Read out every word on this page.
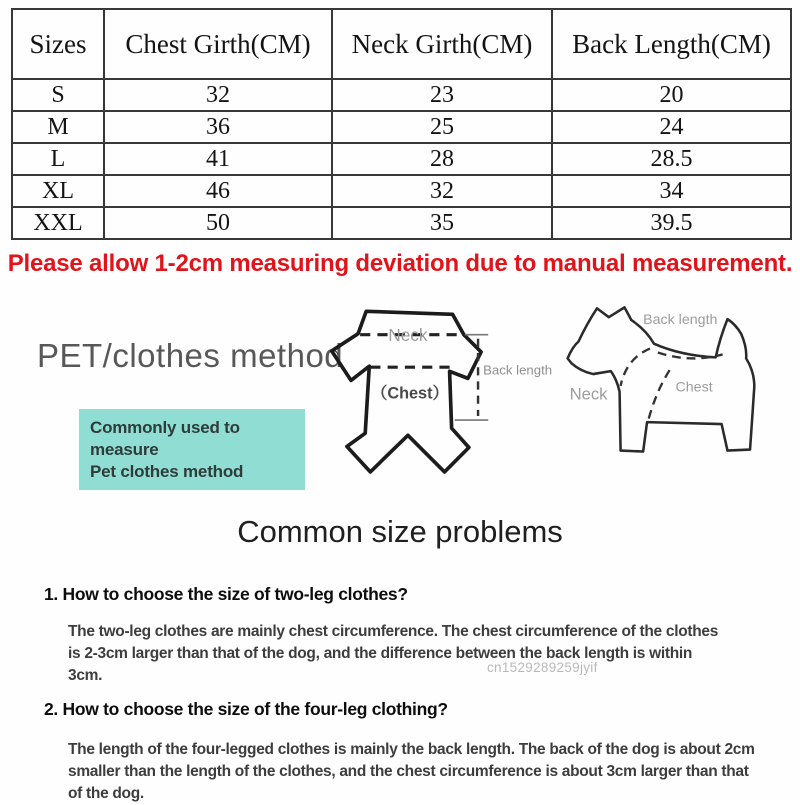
Sizes	Chest Girth(CM)	Neck Girth(CM)	Back Length(CM)
S	32	23	20
M	36	25	24
L	41	28	28.5
XL	46	32	34
XXL	50	35	39.5
Please allow 1-2cm measuring deviation due to manual measurement.
PET/clothes method
Commonly used to measure
Pet clothes method
Neck
（Chest）
Back length
Back length
Neck	Chest
Common size problems
1. How to choose the size of two-leg clothes?
The two-leg clothes are mainly chest circumference. The chest circumference of the clothes is 2-3cm larger than that of the dog, and the difference between the back length is within 3cm.	cn1529289259jyif
2. How to choose the size of the four-leg clothing?
The length of the four-legged clothes is mainly the back length. The back of the dog is about 2cm smaller than the length of the clothes, and the chest circumference is about 3cm larger than that of the dog.
